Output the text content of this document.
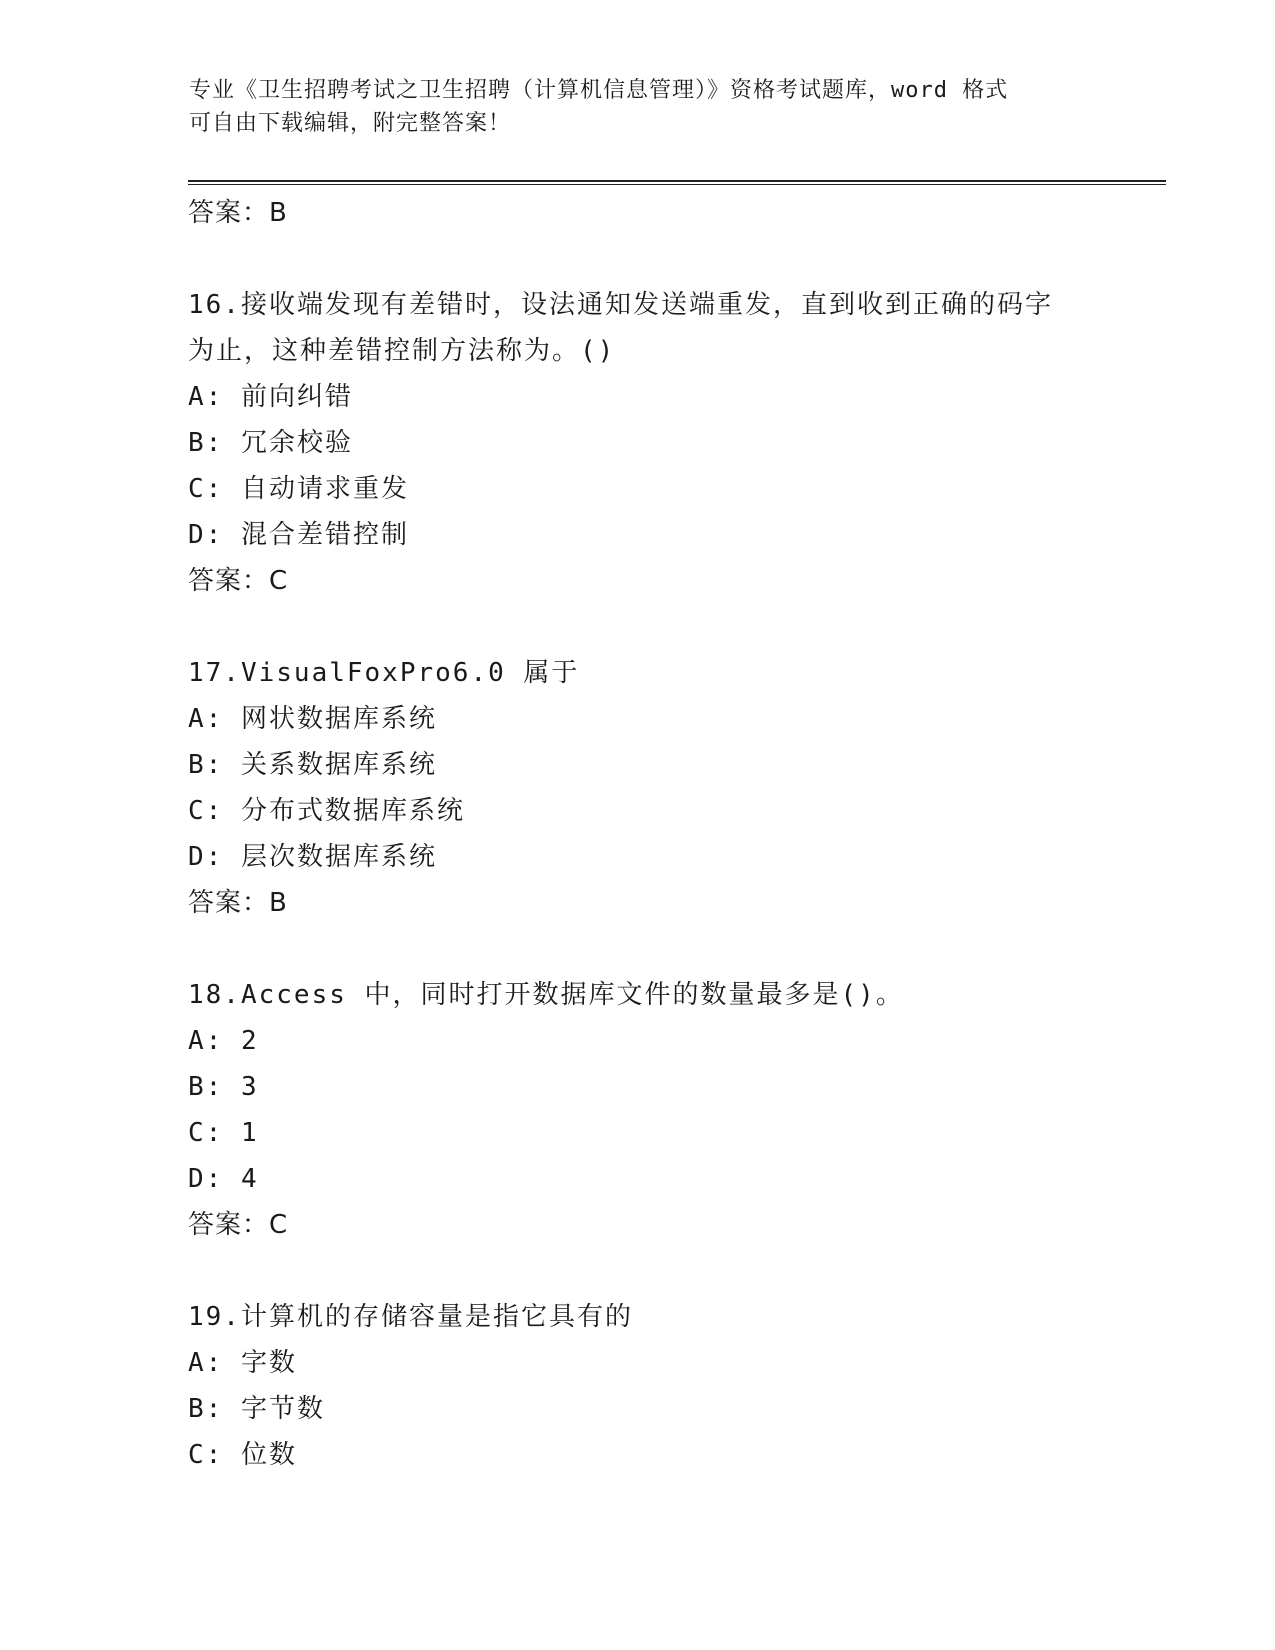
专业《卫生招聘考试之卫生招聘（计算机信息管理）》资格考试题库，word 格式
可自由下载编辑，附完整答案！
答案：B
16.接收端发现有差错时，设法通知发送端重发，直到收到正确的码字
为止，这种差错控制方法称为。()
A: 前向纠错
B: 冗余校验
C: 自动请求重发
D: 混合差错控制
答案：C
17.VisualFoxPro6.0 属于
A: 网状数据库系统
B: 关系数据库系统
C: 分布式数据库系统
D: 层次数据库系统
答案：B
18.Access 中，同时打开数据库文件的数量最多是()。
A: 2
B: 3
C: 1
D: 4
答案：C
19.计算机的存储容量是指它具有的
A: 字数
B: 字节数
C: 位数
